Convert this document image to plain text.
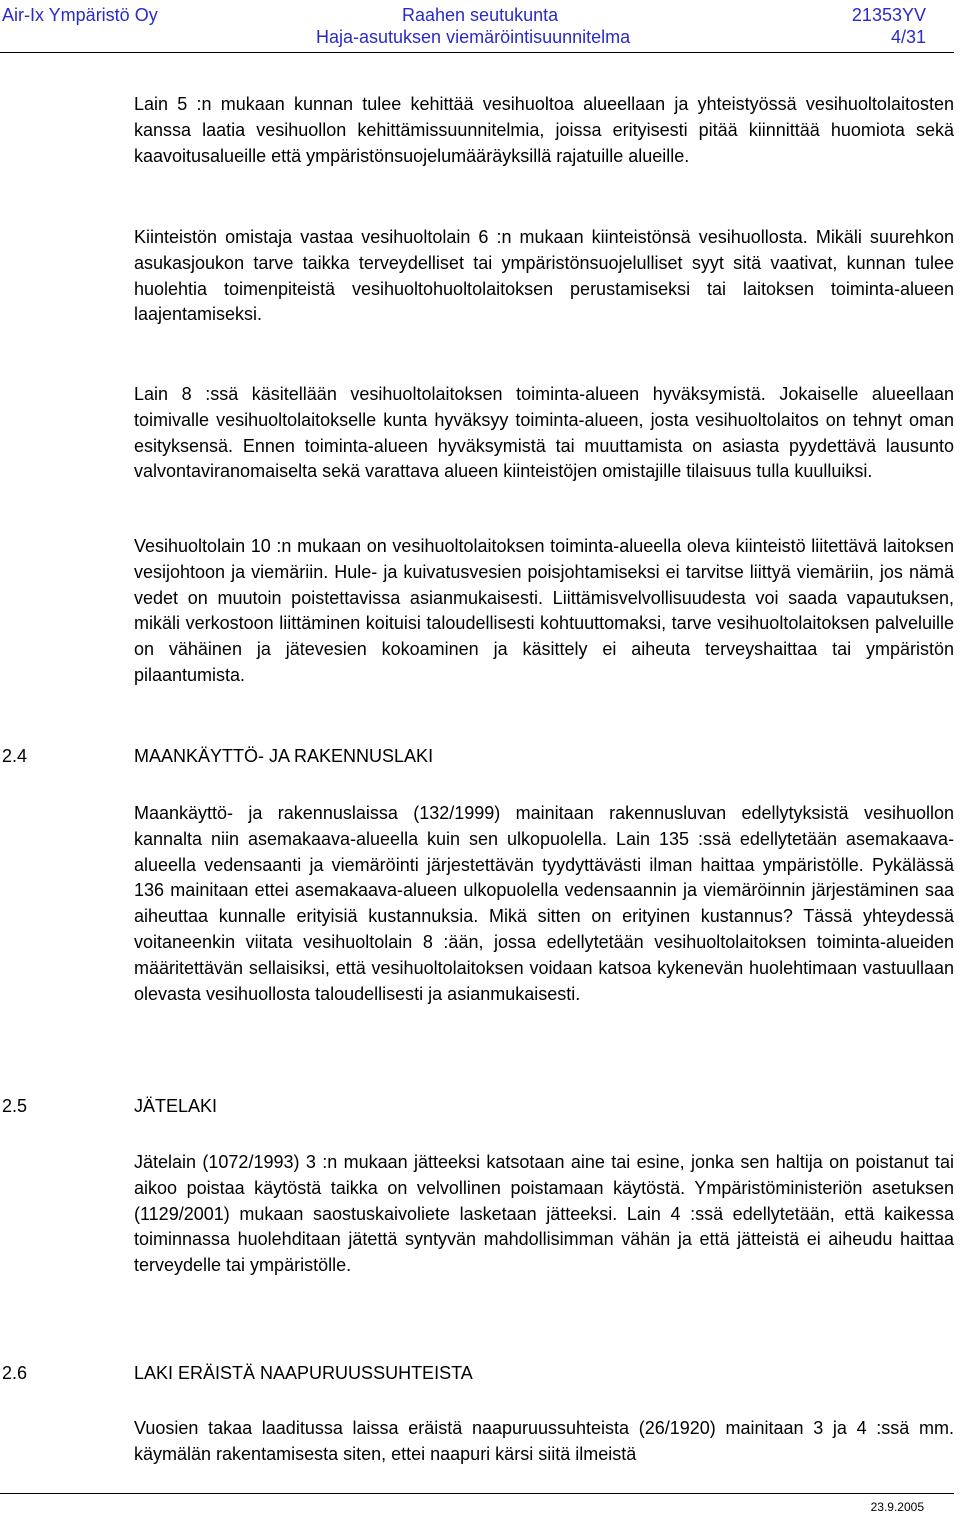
Air-Ix Ympäristö Oy	Raahen seutukunta	21353YV
Haja-asutuksen viemäröintisuunnitelma	4/31

Lain 5 :n mukaan kunnan tulee kehittää vesihuoltoa alueellaan ja yhteistyössä vesihuoltolaitosten kanssa laatia vesihuollon kehittämissuunnitelmia, joissa erityisesti pitää kiinnittää huomiota sekä kaavoitusalueille että ympäristönsuojelumääräyksillä rajatuille alueille.

Kiinteistön omistaja vastaa vesihuoltolain 6 :n mukaan kiinteistönsä vesihuollosta. Mikäli suurehkon asukasjoukon tarve taikka terveydelliset tai ympäristönsuojelulliset syyt sitä vaativat, kunnan tulee huolehtia toimenpiteistä vesihuoltohuoltolaitoksen perustamiseksi tai laitoksen toiminta-alueen laajentamiseksi.

Lain 8 :ssä käsitellään vesihuoltolaitoksen toiminta-alueen hyväksymistä. Jokaiselle alueellaan toimivalle vesihuoltolaitokselle kunta hyväksyy toiminta-alueen, josta vesihuoltolaitos on tehnyt oman esityksensä. Ennen toiminta-alueen hyväksymistä tai muuttamista on asiasta pyydettävä lausunto valvontaviranomaiselta sekä varattava alueen kiinteistöjen omistajille tilaisuus tulla kuulluiksi.

Vesihuoltolain 10 :n mukaan on vesihuoltolaitoksen toiminta-alueella oleva kiinteistö liitettävä laitoksen vesijohtoon ja viemäriin. Hule- ja kuivatusvesien poisjohtamiseksi ei tarvitse liittyä viemäriin, jos nämä vedet on muutoin poistettavissa asianmukaisesti. Liittämisvelvollisuudesta voi saada vapautuksen, mikäli verkostoon liittäminen koituisi taloudellisesti kohtuuttomaksi, tarve vesihuoltolaitoksen palveluille on vähäinen ja jätevesien kokoaminen ja käsittely ei aiheuta terveyshaittaa tai ympäristön pilaantumista.

2.4	MAANKÄYTTÖ- JA RAKENNUSLAKI

Maankäyttö- ja rakennuslaissa (132/1999) mainitaan rakennusluvan edellytyksistä vesihuollon kannalta niin asemakaava-alueella kuin sen ulkopuolella. Lain 135 :ssä edellytetään asemakaava-alueella vedensaanti ja viemäröinti järjestettävän tyydyttävästi ilman haittaa ympäristölle. Pykälässä 136 mainitaan ettei asemakaava-alueen ulkopuolella vedensaannin ja viemäröinnin järjestäminen saa aiheuttaa kunnalle erityisiä kustannuksia. Mikä sitten on erityinen kustannus? Tässä yhteydessä voitaneenkin viitata vesihuoltolain 8 :ään, jossa edellytetään vesihuoltolaitoksen toiminta-alueiden määritettävän sellaisiksi, että vesihuoltolaitoksen voidaan katsoa kykenevän huolehtimaan vastuullaan olevasta vesihuollosta taloudellisesti ja asianmukaisesti.

2.5	JÄTELAKI

Jätelain (1072/1993) 3 :n mukaan jätteeksi katsotaan aine tai esine, jonka sen haltija on poistanut tai aikoo poistaa käytöstä taikka on velvollinen poistamaan käytöstä. Ympäristöministeriön asetuksen (1129/2001) mukaan saostuskaivoliete lasketaan jätteeksi. Lain 4 :ssä edellytetään, että kaikessa toiminnassa huolehditaan jätettä syntyvän mahdollisimman vähän ja että jätteistä ei aiheudu haittaa terveydelle tai ympäristölle.

2.6	LAKI ERÄISTÄ NAAPURUUSSUHTEISTA

Vuosien takaa laaditussa laissa eräistä naapuruussuhteista (26/1920) mainitaan 3 ja 4 :ssä mm. käymälän rakentamisesta siten, ettei naapuri kärsi siitä ilmeistä

23.9.2005
